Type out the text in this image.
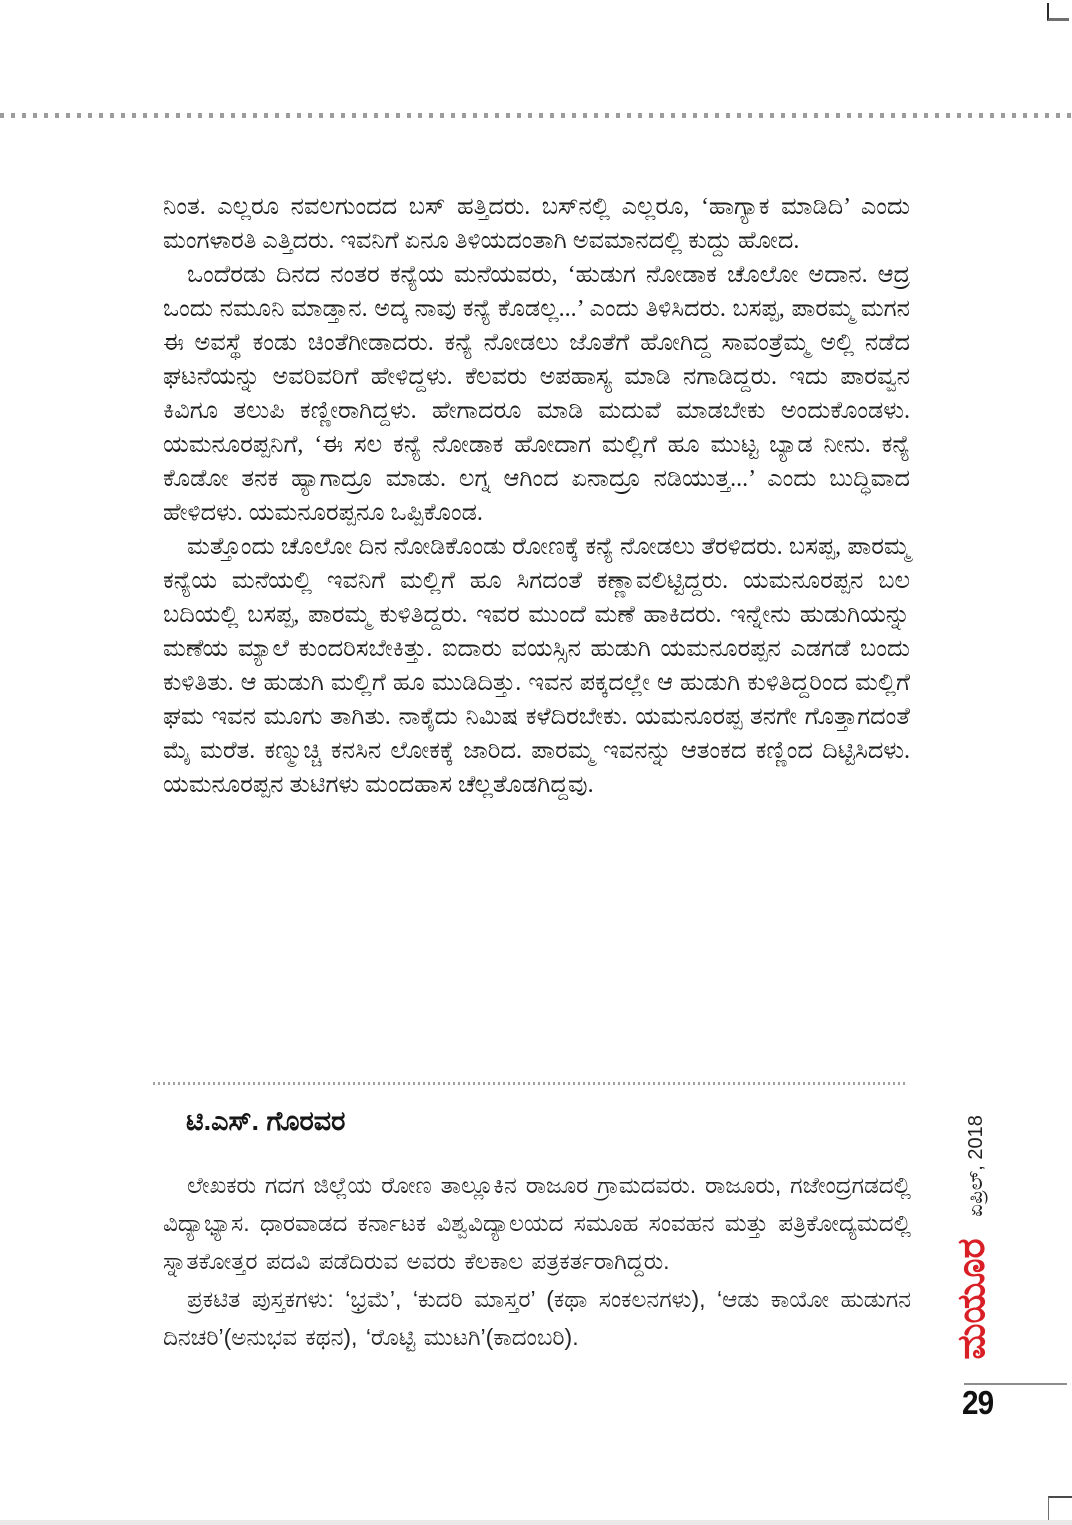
ನಿಂತ. ಎಲ್ಲರೂ ನವಲಗುಂದದ ಬಸ್ ಹತ್ತಿದರು. ಬಸ್‌ನಲ್ಲಿ ಎಲ್ಲರೂ, ‘ಹಾಗ್ಯಾಕ ಮಾಡಿದಿ’ ಎಂದು ಮಂಗಳಾರತಿ ಎತ್ತಿದರು. ಇವನಿಗೆ ಏನೂ ತಿಳಿಯದಂತಾಗಿ ಅವಮಾನದಲ್ಲಿ ಕುದ್ದು ಹೋದ.

ಒಂದೆರಡು ದಿನದ ನಂತರ ಕನ್ಯೆಯ ಮನೆಯವರು, ‘ಹುಡುಗ ನೋಡಾಕ ಚೊಲೋ ಅದಾನ. ಆದ್ರ ಒಂದು ನಮೂನಿ ಮಾಡ್ತಾನ. ಅದ್ಕ ನಾವು ಕನ್ಯೆ ಕೊಡಲ್ಲ...’ ಎಂದು ತಿಳಿಸಿದರು. ಬಸಪ್ಪ, ಪಾರಮ್ಮ ಮಗನ ಈ ಅವಸ್ಥೆ ಕಂಡು ಚಿಂತೆಗೀಡಾದರು. ಕನ್ಯೆ ನೋಡಲು ಜೊತೆಗೆ ಹೋಗಿದ್ದ ಸಾವಂತ್ರೆಮ್ಮ ಅಲ್ಲಿ ನಡೆದ ಘಟನೆಯನ್ನು ಅವರಿವರಿಗೆ ಹೇಳಿದ್ದಳು. ಕೆಲವರು ಅಪಹಾಸ್ಯ ಮಾಡಿ ನಗಾಡಿದ್ದರು. ಇದು ಪಾರವ್ವನ ಕಿವಿಗೂ ತಲುಪಿ ಕಣ್ಣೀರಾಗಿದ್ದಳು. ಹೇಗಾದರೂ ಮಾಡಿ ಮದುವೆ ಮಾಡಬೇಕು ಅಂದುಕೊಂಡಳು. ಯಮನೂರಪ್ಪನಿಗೆ, ‘ಈ ಸಲ ಕನ್ಯೆ ನೋಡಾಕ ಹೋದಾಗ ಮಲ್ಲಿಗೆ ಹೂ ಮುಟ್ಟ ಬ್ಯಾಡ ನೀನು. ಕನ್ಯೆ ಕೊಡೋ ತನಕ ಹ್ಯಾಗಾದ್ರೂ ಮಾಡು. ಲಗ್ನ ಆಗಿಂದ ಏನಾದ್ರೂ ನಡಿಯುತ್ತ...’ ಎಂದು ಬುದ್ಧಿವಾದ ಹೇಳಿದಳು. ಯಮನೂರಪ್ಪನೂ ಒಪ್ಪಿಕೊಂಡ.

ಮತ್ತೊಂದು ಚೊಲೋ ದಿನ ನೋಡಿಕೊಂಡು ರೋಣಕ್ಕೆ ಕನ್ಯೆ ನೋಡಲು ತೆರಳಿದರು. ಬಸಪ್ಪ, ಪಾರಮ್ಮ ಕನ್ಯೆಯ ಮನೆಯಲ್ಲಿ ಇವನಿಗೆ ಮಲ್ಲಿಗೆ ಹೂ ಸಿಗದಂತೆ ಕಣ್ಣಾವಲಿಟ್ಟಿದ್ದರು. ಯಮನೂರಪ್ಪನ ಬಲ ಬದಿಯಲ್ಲಿ ಬಸಪ್ಪ, ಪಾರಮ್ಮ ಕುಳಿತಿದ್ದರು. ಇವರ ಮುಂದೆ ಮಣೆ ಹಾಕಿದರು. ಇನ್ನೇನು ಹುಡುಗಿಯನ್ನು ಮಣೆಯ ಮ್ಯಾಲೆ ಕುಂದರಿಸಬೇಕಿತ್ತು. ಐದಾರು ವಯಸ್ಸಿನ ಹುಡುಗಿ ಯಮನೂರಪ್ಪನ ಎಡಗಡೆ ಬಂದು ಕುಳಿತಿತು. ಆ ಹುಡುಗಿ ಮಲ್ಲಿಗೆ ಹೂ ಮುಡಿದಿತ್ತು. ಇವನ ಪಕ್ಕದಲ್ಲೇ ಆ ಹುಡುಗಿ ಕುಳಿತಿದ್ದರಿಂದ ಮಲ್ಲಿಗೆ ಘಮ ಇವನ ಮೂಗು ತಾಗಿತು. ನಾಕೈದು ನಿಮಿಷ ಕಳೆದಿರಬೇಕು. ಯಮನೂರಪ್ಪ ತನಗೇ ಗೊತ್ತಾಗದಂತೆ ಮೈ ಮರೆತ. ಕಣ್ಮುಚ್ಚಿ ಕನಸಿನ ಲೋಕಕ್ಕೆ ಜಾರಿದ. ಪಾರಮ್ಮ ಇವನನ್ನು ಆತಂಕದ ಕಣ್ಣಿಂದ ದಿಟ್ಟಿಸಿದಳು. ಯಮನೂರಪ್ಪನ ತುಟಿಗಳು ಮಂದಹಾಸ ಚೆಲ್ಲತೊಡಗಿದ್ದವು.

ಟಿ.ಎಸ್. ಗೊರವರ

ಲೇಖಕರು ಗದಗ ಜಿಲ್ಲೆಯ ರೋಣ ತಾಲ್ಲೂಕಿನ ರಾಜೂರ ಗ್ರಾಮದವರು. ರಾಜೂರು, ಗಜೇಂದ್ರಗಡದಲ್ಲಿ ವಿದ್ಯಾಭ್ಯಾಸ. ಧಾರವಾಡದ ಕರ್ನಾಟಕ ವಿಶ್ವವಿದ್ಯಾಲಯದ ಸಮೂಹ ಸಂವಹನ ಮತ್ತು ಪತ್ರಿಕೋದ್ಯಮದಲ್ಲಿ ಸ್ನಾತಕೋತ್ತರ ಪದವಿ ಪಡೆದಿರುವ ಅವರು ಕೆಲಕಾಲ ಪತ್ರಕರ್ತರಾಗಿದ್ದರು.

ಪ್ರಕಟಿತ ಪುಸ್ತಕಗಳು: ‘ಭ್ರಮೆ’, ‘ಕುದರಿ ಮಾಸ್ತರ’ (ಕಥಾ ಸಂಕಲನಗಳು), ‘ಆಡು ಕಾಯೋ ಹುಡುಗನ ದಿನಚರಿ’(ಅನುಭವ ಕಥನ), ‘ರೊಟ್ಟಿ ಮುಟಗಿ’(ಕಾದಂಬರಿ).

ಏಪ್ರಿಲ್, 2018
ಮಯೂರ

29
